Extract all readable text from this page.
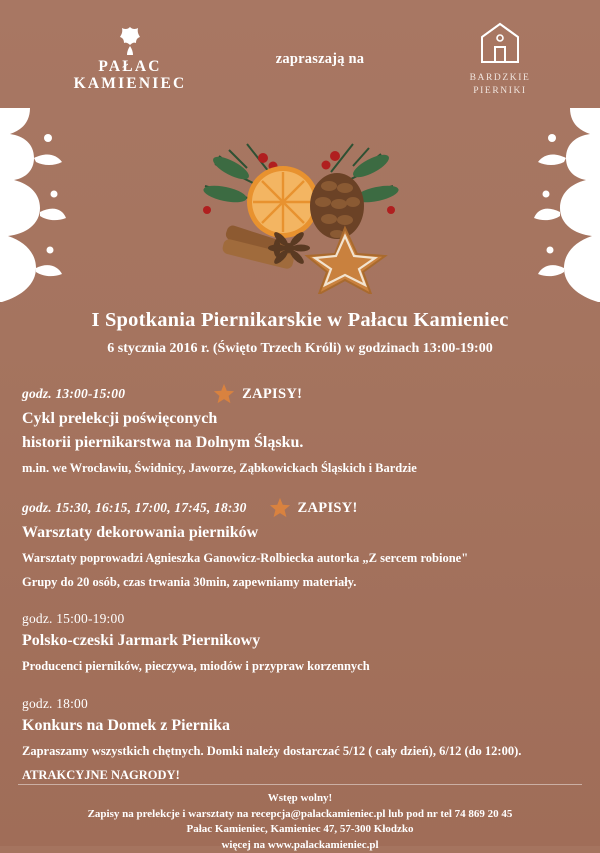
PAŁAC
KAMIENIEC
zapraszają na
BARDZKIE
PIERNIKI
I Spotkania Piernikarskie w Pałacu Kamieniec
6 stycznia 2016 r. (Święto Trzech Króli) w godzinach 13:00-19:00
godz. 13:00-15:00	ZAPISY!
Cykl prelekcji poświęconych
historii piernikarstwa na Dolnym Śląsku.
m.in. we Wrocławiu, Świdnicy, Jaworze, Ząbkowickach Śląskich i Bardzie
godz. 15:30, 16:15, 17:00, 17:45, 18:30	ZAPISY!
Warsztaty dekorowania pierników
Warsztaty poprowadzi Agnieszka Ganowicz-Rolbiecka autorka „Z sercem robione"
Grupy do 20 osób, czas trwania 30min, zapewniamy materiały.
godz. 15:00-19:00
Polsko-czeski Jarmark Piernikowy
Producenci pierników, pieczywa, miodów i przypraw korzennych
godz. 18:00
Konkurs na Domek z Piernika
Zapraszamy wszystkich chętnych. Domki należy dostarczać 5/12 ( cały dzień), 6/12 (do 12:00).
ATRAKCYJNE NAGRODY!
Wstęp wolny!
Zapisy na prelekcje i warsztaty na recepcja@palackamieniec.pl lub pod nr tel 74 869 20 45
Pałac Kamieniec, Kamieniec 47, 57-300 Kłodzko
więcej na www.palackamieniec.pl
